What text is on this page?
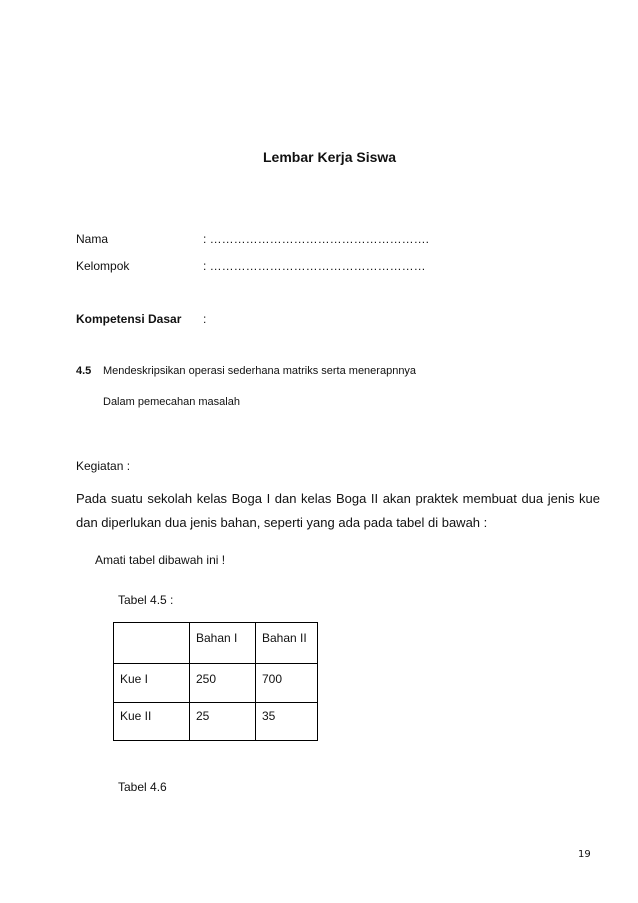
Lembar Kerja Siswa
Nama	: ……………………………………………….
Kelompok	: ………………………………………………
Kompetensi Dasar :
4.5 Mendeskripsikan operasi sederhana matriks serta menerapnnya
Dalam pemecahan masalah
Kegiatan :
Pada suatu sekolah kelas Boga I dan kelas Boga II akan praktek membuat dua jenis kue dan diperlukan dua jenis bahan, seperti yang ada pada tabel di bawah :
Amati tabel dibawah ini !
Tabel 4.5 :
	Bahan I	Bahan II
Kue I	250	700
Kue II	25	35
Tabel 4.6
19
